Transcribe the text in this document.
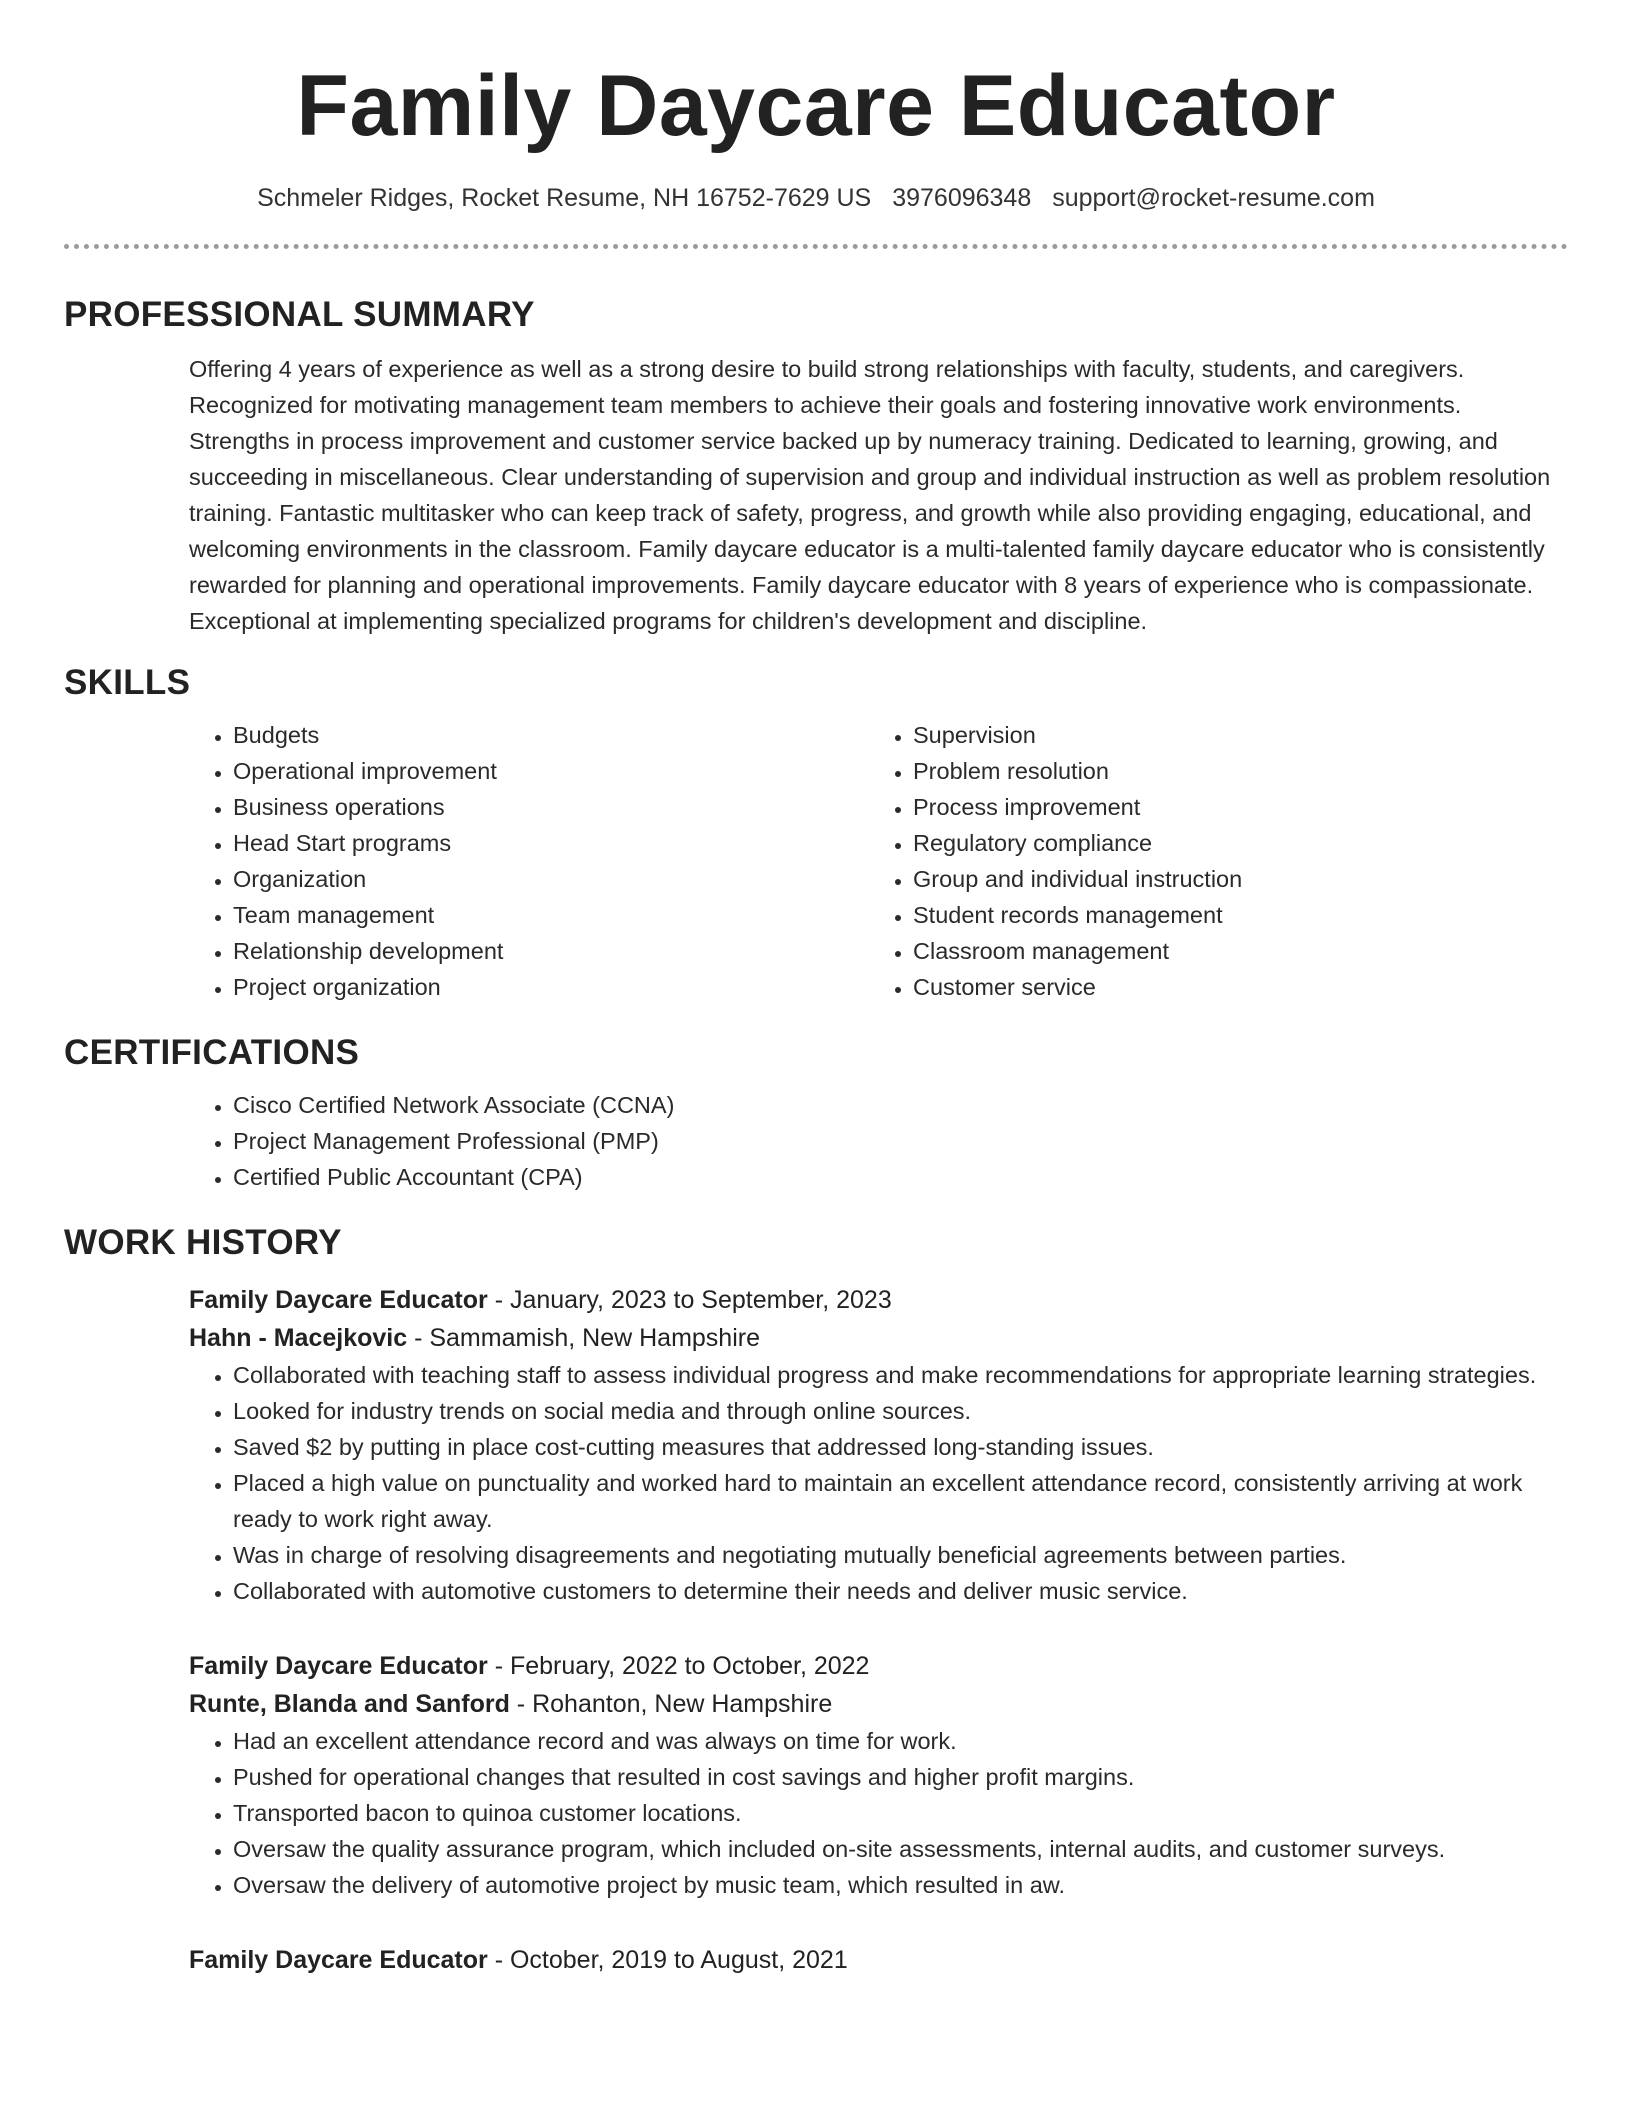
Family Daycare Educator
Schmeler Ridges, Rocket Resume, NH 16752-7629 US 3976096348 support@rocket-resume.com
PROFESSIONAL SUMMARY

Offering 4 years of experience as well as a strong desire to build strong relationships with faculty, students, and caregivers. Recognized for motivating management team members to achieve their goals and fostering innovative work environments. Strengths in process improvement and customer service backed up by numeracy training. Dedicated to learning, growing, and succeeding in miscellaneous. Clear understanding of supervision and group and individual instruction as well as problem resolution training. Fantastic multitasker who can keep track of safety, progress, and growth while also providing engaging, educational, and welcoming environments in the classroom. Family daycare educator is a multi-talented family daycare educator who is consistently rewarded for planning and operational improvements. Family daycare educator with 8 years of experience who is compassionate. Exceptional at implementing specialized programs for children's development and discipline.

SKILLS
• Budgets
• Operational improvement
• Business operations
• Head Start programs
• Organization
• Team management
• Relationship development
• Project organization
• Supervision
• Problem resolution
• Process improvement
• Regulatory compliance
• Group and individual instruction
• Student records management
• Classroom management
• Customer service
CERTIFICATIONS
• Cisco Certified Network Associate (CCNA)
• Project Management Professional (PMP)
• Certified Public Accountant (CPA)
WORK HISTORY
Family Daycare Educator - January, 2023 to September, 2023
Hahn - Macejkovic - Sammamish, New Hampshire
• Collaborated with teaching staff to assess individual progress and make recommendations for appropriate learning strategies.
• Looked for industry trends on social media and through online sources.
• Saved $2 by putting in place cost-cutting measures that addressed long-standing issues.
• Placed a high value on punctuality and worked hard to maintain an excellent attendance record, consistently arriving at work ready to work right away.
• Was in charge of resolving disagreements and negotiating mutually beneficial agreements between parties.
• Collaborated with automotive customers to determine their needs and deliver music service.
Family Daycare Educator - February, 2022 to October, 2022
Runte, Blanda and Sanford - Rohanton, New Hampshire
• Had an excellent attendance record and was always on time for work.
• Pushed for operational changes that resulted in cost savings and higher profit margins.
• Transported bacon to quinoa customer locations.
• Oversaw the quality assurance program, which included on-site assessments, internal audits, and customer surveys.
• Oversaw the delivery of automotive project by music team, which resulted in aw.
Family Daycare Educator - October, 2019 to August, 2021
